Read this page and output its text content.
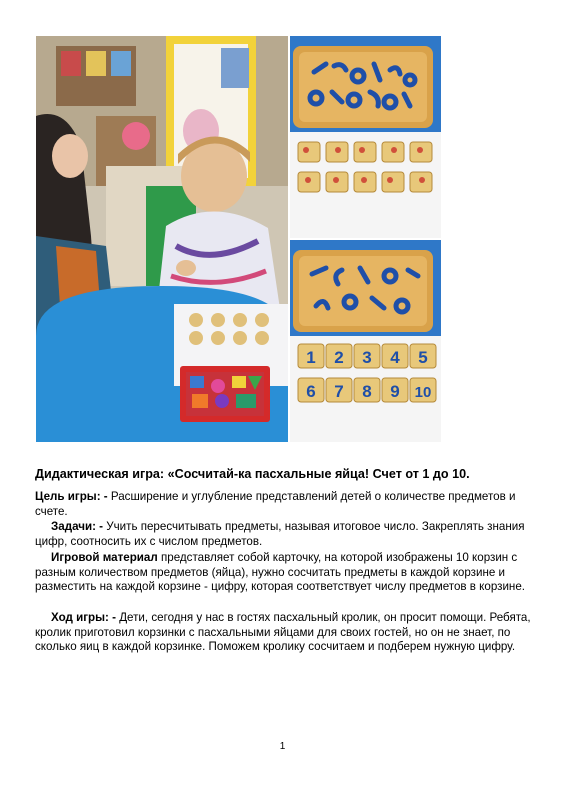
1 2 3 4 5
6 7 8 9 10
Дидактическая игра: «Сосчитай-ка пасхальные яйца! Счет от 1 до 10.

Цель игры: - Расширение и углубление представлений детей о количестве предметов и счете.

Задачи: - Учить пересчитывать предметы, называя итоговое число. Закреплять знания цифр, соотносить их с числом предметов.

Игровой материал представляет собой карточку, на которой изображены 10 корзин с разным количеством предметов (яйца), нужно сосчитать предметы в каждой корзине и разместить на каждой корзине - цифру, которая соответствует числу предметов в корзине.

Ход игры: - Дети, сегодня у нас в гостях пасхальный кролик, он просит помощи. Ребята, кролик приготовил корзинки с пасхальными яйцами для своих гостей, но он не знает, по сколько яиц в каждой корзинке. Поможем кролику сосчитаем и подберем нужную цифру.

1
